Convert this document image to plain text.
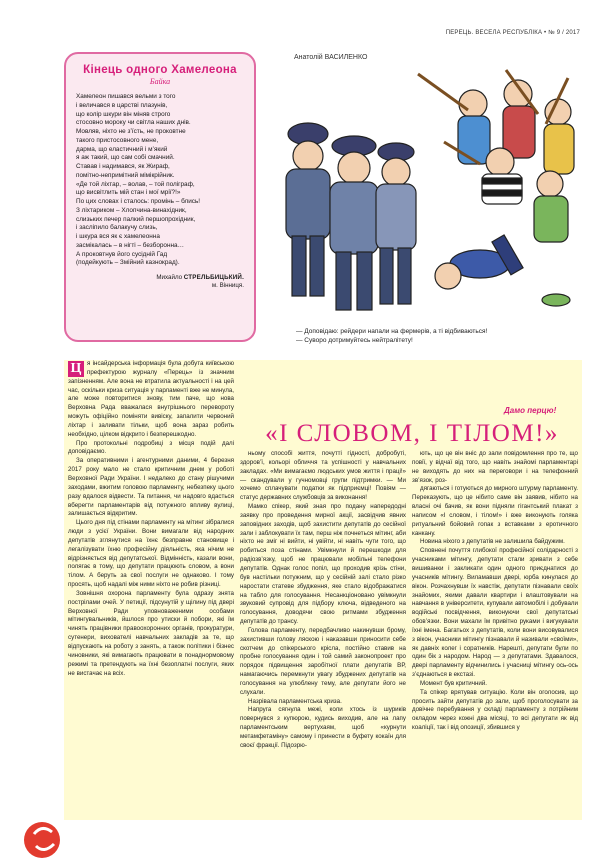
ПЕРЕЦЬ. ВЕСЕЛА РЕСПУБЛІКА • № 9 / 2017
Кінець одного Хамелеона
Байка
Хамелеон пишався вельми з того
і величався в царстві плазунів,
що колір шкури він міняв строго
стосовно мороку чи світла наших днів.
Мовляв, ніхто не з’їсть, не проковтне
такого пристосовного мене,
дарма, що еластичний і м’який
я аж такий, що сам собі смачний.
Ставав і надимався, як Жираф,
помітно-непримітний мімікрійник.
«Де той ліхтар, – волав, – той поліграф,
що висвітлить мій стан і мої мрії?!»
По цих словах і сталось: промінь – блись!
З ліхтариком – Хлопчина-винахідник,
слизьких печер палкий першопрохідник,
і зaсліпило балакучу слизь,
і шкура вся як є хамелеонна
засмікалась – в нігті – безборонна…
А проковтнув його сусідній Гад
(подейкують – Змійний казнокрад).
Михайло СТРЕЛЬБИЦЬКИЙ.
м. Вінниця.
Анатолій ВАСИЛЕНКО
— Доповідаю: рейдери напали на фермерів, а ті відбиваються!
— Суворо дотримуйтесь нейтралітету!
Ц я інсайдерська інформація була добута київською префектурою журналу «Перець» із значним запізненням. Але вона не втратила актуальності і на цей час, оскільки криза ситуація у парламенті вже не минула, але може повторитися знову, тим паче, що нова Верховна Рада вважалася внутрішнього перевороту можуть офіційно поміняти вивіску, запалити червоний ліхтар і заливати тільки, щоб вона зараз робить необхідно, цілком відкрито і безперешкодно.

Про протокольні подробиці з місця подій далі доповідаємо.

За оперативними і агентурними даними, 4 березня 2017 року мало не стало критичним днем у роботі Верховної Ради України. І недалеко до стану рішучими заходами, вжитим головою парламенту, небезпеку цього разу вдалося відвести. Та питання, чи надовго вдасться вберегти парламентарів від потужного впливу вулиці, залишається відкритим.

Цього дня під стінами парламенту на мітинг зібралися люди з усієї України. Вони вимагали від народних депутатів зглянутися на їхнє безправне становище і легалізувати їхню професійну діяльність, яка нічим не відрізняється від депутатської. Відмінність, казали вони, полягає в тому, що депутати працюють словом, а вони тілом. А беруть за свої послуги не однаково. І тому просять, щоб надалі між ними ніхто не робив різниці.

Зовнішня охорона парламенту була одразу знята пострілами очей. У петиції, підсунутій у щілину під двері Верховної Ради уповноваженими особами мітингувальників, йшлося про утиски й побори, які їм чинять працівники правоохоронних органів, прокуратури, сутенери, вихователі навчальних закладів за те, що відпускають на роботу з занять, а також політики і бізнес чиновники, які вимагають працювати в понаднормовому режимі та претендують на їхні безоплатні послуги, яких не вистачає на всіх.

ньому способі життя, почутті гідності, добробуті, здоров’ї, кольорі обличчя та успішності у навчальних закладах. «Ми вимагаємо людських умов життя і праці!» — скандували у гучномовці групи підтримки. — Ми хочемо сплачувати податки як підприємці! Повіям — статус державних службовців за виконання!

Мамко спікер, який зная про подану напередодні заявку про проведення мирної акції, засвідчив явних заповідних заходів, щоб захистити депутатів до сесійної зали і заблокувати їх там, перш ніж почнеться мітинг, аби ніхто не зміг ні вийти, ні увійти, ні навіть чути того, що робиться поза стінами. Увімкнули й перешкоди для радіозв’язку, щоб не працювали мобільні телефони депутатів. Однак голос попіл, що проходив крізь стіни, був настільки потужним, що у сесійній залі стало різко наростати статеве збудження, яке стало відображатися на табло для голосування. Несанкціоновано увімкнули звуковий супровід для підбору ключа, відведеного на голосування, доводячи свою ритмами збудження депутатів до трансу.

Голова парламенту, передбачливо накинувши брому, захистивши голову ляскою і наказавши приносити себе скотчем до спікерського крісла, постійно ставив на пробне голосування один і той самий законопроект про порядок підвищення заробітної плати депутатів ВР, намагаючись перемкнути увагу збуджених депутатів на голосування на улюблену тему, але депутати його не слухали.

Назрівала парламентська криза.

Напруга сягнула межі, коли хтось із шуриків повернувся з купюрою, кудись виходив, але на лапу парламентським вертухаям, щоб «курнути метамфетаміну» самому і принести в буфету кокаїн для своєї фракції. Підозрю-

ють, що це він вніс до зали повідомлення про те, що повії, у відчаї від того, що навіть знайомі парламентарі не виходять до них на переговори і на телефонний зв’язок, роз-

дягаються і готуються до мирного штурму парламенту. Переказують, що це нібито саме він заявив, нібито на власні очі бачив, як вони підняли гігантський плакат з написом «І словом, і тілом!» і вже виконують голяка ритуальний бойовий гопак з вставками з еротичного канкану.

Новина ніхого з депутатів не залишила байдужим.

Сповнені почуття глибокої професійної солідарності з учасниками мітингу, депутати стали зривати з себе вишиванки і закликати один одного приєднатися до учасників мітингу. Виламавши двері, юрба кинулася до вікон. Розчахнувши їх навстіж, депутати пізнавали своїх знайомих, якими давали квартири і влаштовували на навчання в університети, купували автомобілі і добували водійські посвідчення, виконуючи свої депутатські обов’язки. Вони махали їм привітно руками і вигукували їхні імена. Багатьох з депутатів, коли вони висовувалися з вікон, учасники мітингу пізнавали й називали «своїми», як давніх колег і соратників. Нарешті, депутати були по один бік з народом. Народ — з депутатами. Здавалося, двері парламенту відчинились і учасниці мітингу ось-ось з’єднаються в екстазі.

Момент був критичний.

Та спікер врятував ситуацію. Коли він оголосив, що просить зайти депутатів до зали, щоб проголосувати за довічне перебування у складі парламенту з потрійним окладом через кожні два місяці, то всі депутати як від коаліції, так і від опозиції, збившися у

Дамо перцю!
«І СЛОВОМ, І ТІЛОМ!»
